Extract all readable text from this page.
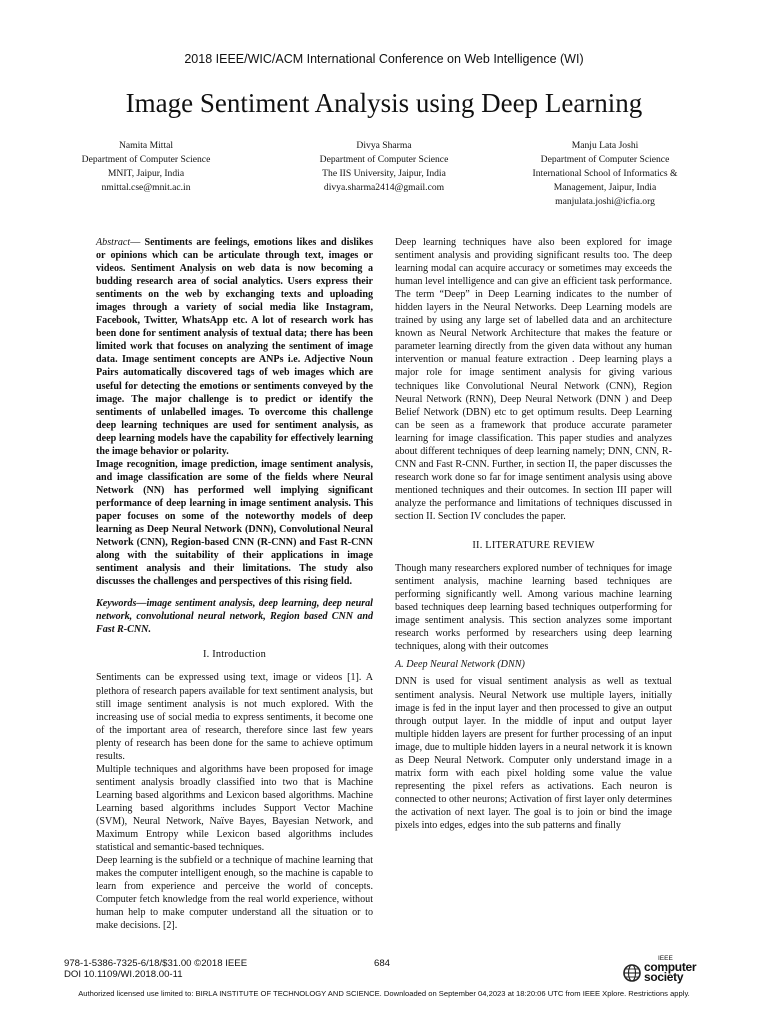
2018 IEEE/WIC/ACM International Conference on Web Intelligence (WI)
Image Sentiment Analysis using Deep Learning
Namita Mittal
Department of Computer Science
MNIT, Jaipur, India
nmittal.cse@mnit.ac.in
Divya Sharma
Department of Computer Science
The IIS University, Jaipur, India
divya.sharma2414@gmail.com
Manju Lata Joshi
Department of Computer Science
International School of Informatics & Management, Jaipur, India
manjulata.joshi@icfia.org

Abstract— Sentiments are feelings, emotions likes and dislikes or opinions which can be articulate through text, images or videos. Sentiment Analysis on web data is now becoming a budding research area of social analytics. Users express their sentiments on the web by exchanging texts and uploading images through a variety of social media like Instagram, Facebook, Twitter, WhatsApp etc. A lot of research work has been done for sentiment analysis of textual data; there has been limited work that focuses on analyzing the sentiment of image data. Image sentiment concepts are ANPs i.e. Adjective Noun Pairs automatically discovered tags of web images which are useful for detecting the emotions or sentiments conveyed by the image. The major challenge is to predict or identify the sentiments of unlabelled images. To overcome this challenge deep learning techniques are used for sentiment analysis, as deep learning models have the capability for effectively learning the image behavior or polarity.

Image recognition, image prediction, image sentiment analysis, and image classification are some of the fields where Neural Network (NN) has performed well implying significant performance of deep learning in image sentiment analysis. This paper focuses on some of the noteworthy models of deep learning as Deep Neural Network (DNN), Convolutional Neural Network (CNN), Region-based CNN (R-CNN) and Fast R-CNN along with the suitability of their applications in image sentiment analysis and their limitations. The study also discusses the challenges and perspectives of this rising field.

Keywords—image sentiment analysis, deep learning, deep neural network, convolutional neural network, Region based CNN and Fast R-CNN.

I. Introduction

Sentiments can be expressed using text, image or videos [1]. A plethora of research papers available for text sentiment analysis, but still image sentiment analysis is not much explored. With the increasing use of social media to express sentiments, it become one of the important area of research, therefore since last few years plenty of research has been done for the same to achieve optimum results.

Multiple techniques and algorithms have been proposed for image sentiment analysis broadly classified into two that is Machine Learning based algorithms and Lexicon based algorithms. Machine Learning based algorithms includes Support Vector Machine (SVM), Neural Network, Naïve Bayes, Bayesian Network, and Maximum Entropy while Lexicon based algorithms includes statistical and semantic-based techniques.

Deep learning is the subfield or a technique of machine learning that makes the computer intelligent enough, so the machine is capable to learn from experience and perceive the world of concepts. Computer fetch knowledge from the real world experience, without human help to make computer understand all the situation or to make decisions. [2].

Deep learning techniques have also been explored for image sentiment analysis and providing significant results too. The deep learning modal can acquire accuracy or sometimes may exceeds the human level intelligence and can give an efficient task performance. The term “Deep” in Deep Learning indicates to the number of hidden layers in the Neural Networks. Deep Learning models are trained by using any large set of labelled data and an architecture known as Neural Network Architecture that makes the feature or parameter learning directly from the given data without any human intervention or manual feature extraction . Deep learning plays a major role for image sentiment analysis for giving various techniques like Convolutional Neural Network (CNN), Region Neural Network (RNN), Deep Neural Network (DNN ) and Deep Belief Network (DBN) etc to get optimum results. Deep Learning can be seen as a framework that produce accurate parameter learning for image classification. This paper studies and analyzes about different techniques of deep learning namely; DNN, CNN, R-CNN and Fast R-CNN. Further, in section II, the paper discusses the research work done so far for image sentiment analysis using above mentioned techniques and their outcomes. In section III paper will analyze the performance and limitations of techniques discussed in section II. Section IV concludes the paper.

II. LITERATURE REVIEW

Though many researchers explored number of techniques for image sentiment analysis, machine learning based techniques are performing significantly well. Among various machine learning based techniques deep learning based techniques outperforming for image sentiment analysis. This section analyzes some important research works performed by researchers using deep learning techniques, along with their outcomes

A. Deep Neural Network (DNN)

DNN is used for visual sentiment analysis as well as textual sentiment analysis. Neural Network use multiple layers, initially image is fed in the input layer and then processed to give an output through output layer. In the middle of input and output layer multiple hidden layers are present for further processing of an input image, due to multiple hidden layers in a neural network it is known as Deep Neural Network. Computer only understand image in a matrix form with each pixel holding some value the value representing the pixel refers as activations. Each neuron is connected to other neurons; Activation of first layer only determines the activation of next layer. The goal is to join or bind the image pixels into edges, edges into the sub patterns and finally

978-1-5386-7325-6/18/$31.00 ©2018 IEEE
DOI 10.1109/WI.2018.00-11
684	IEEE
computer
society
Authorized licensed use limited to: BIRLA INSTITUTE OF TECHNOLOGY AND SCIENCE. Downloaded on September 04,2023 at 18:20:06 UTC from IEEE Xplore. Restrictions apply.
